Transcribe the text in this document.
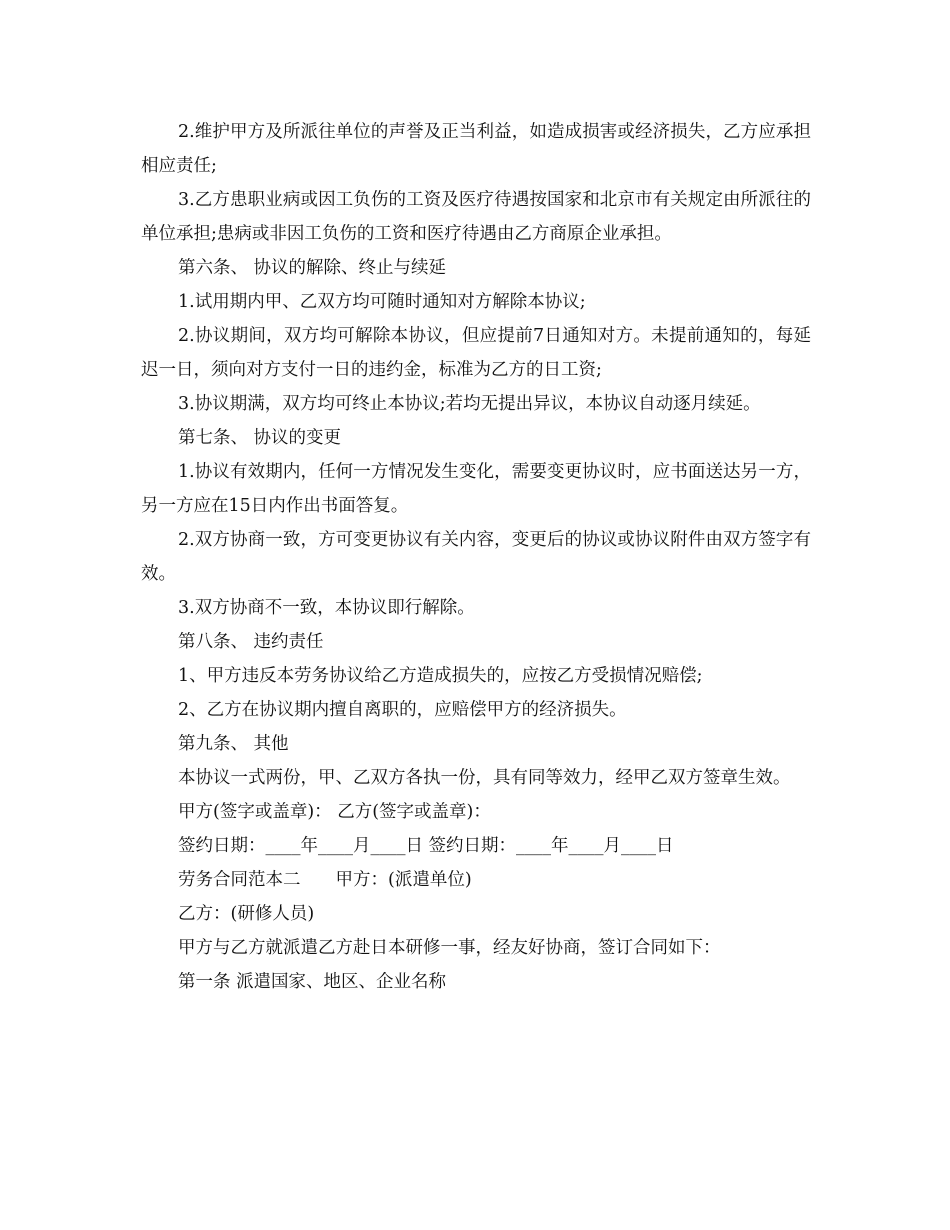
2.维护甲方及所派往单位的声誉及正当利益，如造成损害或经济损失，乙方应承担相应责任;

3.乙方患职业病或因工负伤的工资及医疗待遇按国家和北京市有关规定由所派往的单位承担;患病或非因工负伤的工资和医疗待遇由乙方商原企业承担。

第六条、 协议的解除、终止与续延

1.试用期内甲、乙双方均可随时通知对方解除本协议;

2.协议期间，双方均可解除本协议，但应提前7日通知对方。未提前通知的，每延迟一日，须向对方支付一日的违约金，标准为乙方的日工资;

3.协议期满，双方均可终止本协议;若均无提出异议，本协议自动逐月续延。

第七条、 协议的变更

1.协议有效期内，任何一方情况发生变化，需要变更协议时，应书面送达另一方，另一方应在15日内作出书面答复。

2.双方协商一致，方可变更协议有关内容，变更后的协议或协议附件由双方签字有效。

3.双方协商不一致，本协议即行解除。

第八条、 违约责任

1、甲方违反本劳务协议给乙方造成损失的，应按乙方受损情况赔偿;

2、乙方在协议期内擅自离职的，应赔偿甲方的经济损失。

第九条、 其他

本协议一式两份，甲、乙双方各执一份，具有同等效力，经甲乙双方签章生效。

甲方(签字或盖章)： 乙方(签字或盖章)：

签约日期：____年____月____日 签约日期：____年____月____日

劳务合同范本二　　甲方：(派遣单位)

乙方：(研修人员)

甲方与乙方就派遣乙方赴日本研修一事，经友好协商，签订合同如下：

第一条 派遣国家、地区、企业名称
